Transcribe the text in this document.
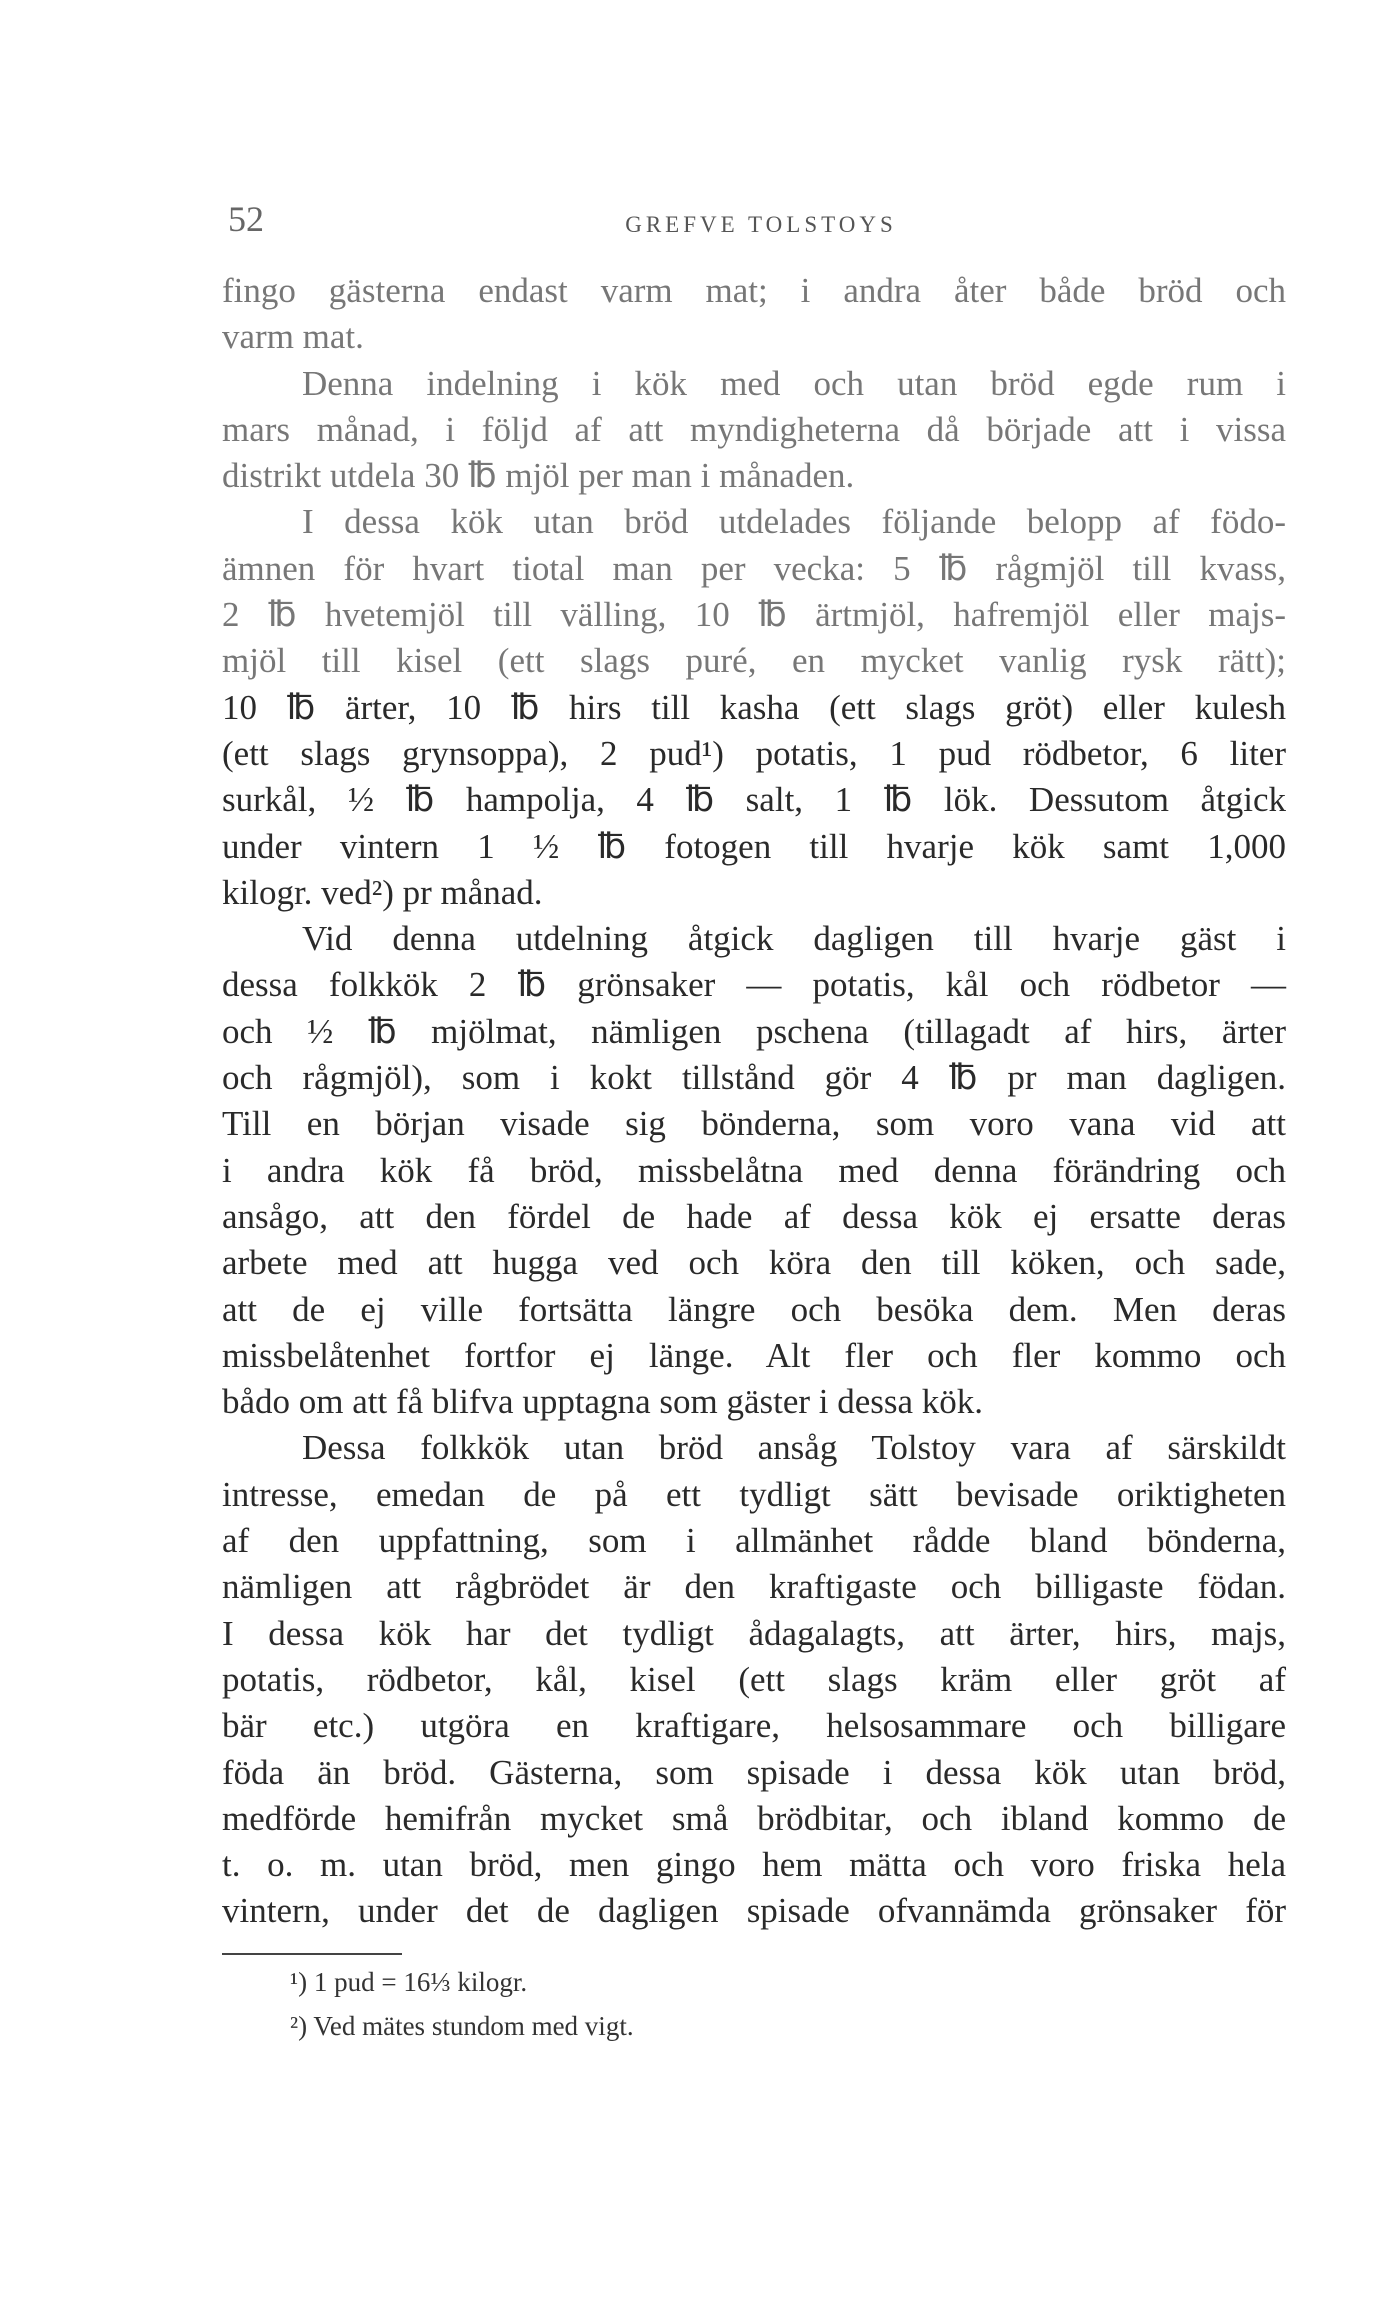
52	GREFVE TOLSTOYS
fingo gästerna endast varm mat; i andra åter både bröd och
varm mat.
Denna indelning i kök med och utan bröd egde rum i
mars månad, i följd af att myndigheterna då började att i vissa
distrikt utdela 30 ℔ mjöl per man i månaden.
I dessa kök utan bröd utdelades följande belopp af födo-
ämnen för hvart tiotal man per vecka: 5 ℔ rågmjöl till kvass,
2 ℔ hvetemjöl till välling, 10 ℔ ärtmjöl, hafremjöl eller majs-
mjöl till kisel (ett slags puré, en mycket vanlig rysk rätt);
10 ℔ ärter, 10 ℔ hirs till kasha (ett slags gröt) eller kulesh
(ett slags grynsoppa), 2 pud¹) potatis, 1 pud rödbetor, 6 liter
surkål, ½ ℔ hampolja, 4 ℔ salt, 1 ℔ lök. Dessutom åtgick
under vintern 1 ½ ℔ fotogen till hvarje kök samt 1,000
kilogr. ved²) pr månad.
Vid denna utdelning åtgick dagligen till hvarje gäst i
dessa folkkök 2 ℔ grönsaker — potatis, kål och rödbetor —
och ½ ℔ mjölmat, nämligen pschena (tillagadt af hirs, ärter
och rågmjöl), som i kokt tillstånd gör 4 ℔ pr man dagligen.
Till en början visade sig bönderna, som voro vana vid att
i andra kök få bröd, missbelåtna med denna förändring och
ansågo, att den fördel de hade af dessa kök ej ersatte deras
arbete med att hugga ved och köra den till köken, och sade,
att de ej ville fortsätta längre och besöka dem. Men deras
missbelåtenhet fortfor ej länge. Alt fler och fler kommo och
bådo om att få blifva upptagna som gäster i dessa kök.
Dessa folkkök utan bröd ansåg Tolstoy vara af särskildt
intresse, emedan de på ett tydligt sätt bevisade oriktigheten
af den uppfattning, som i allmänhet rådde bland bönderna,
nämligen att rågbrödet är den kraftigaste och billigaste födan.
I dessa kök har det tydligt ådagalagts, att ärter, hirs, majs,
potatis, rödbetor, kål, kisel (ett slags kräm eller gröt af
bär etc.) utgöra en kraftigare, helsosammare och billigare
föda än bröd. Gästerna, som spisade i dessa kök utan bröd,
medförde hemifrån mycket små brödbitar, och ibland kommo de
t. o. m. utan bröd, men gingo hem mätta och voro friska hela
vintern, under det de dagligen spisade ofvannämda grönsaker för
¹) 1 pud = 16⅓ kilogr.
²) Ved mätes stundom med vigt.
